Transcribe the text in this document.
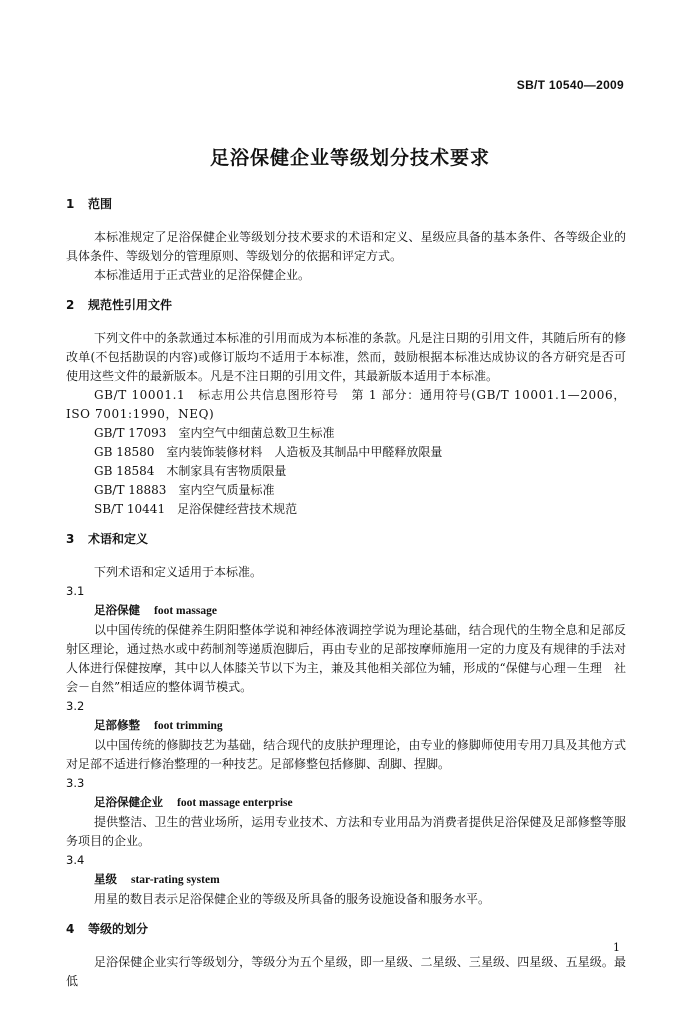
SB/T 10540—2009
足浴保健企业等级划分技术要求
1 范围

本标准规定了足浴保健企业等级划分技术要求的术语和定义、星级应具备的基本条件、各等级企业的具体条件、等级划分的管理原则、等级划分的依据和评定方式。

本标准适用于正式营业的足浴保健企业。

2 规范性引用文件

下列文件中的条款通过本标准的引用而成为本标准的条款。凡是注日期的引用文件，其随后所有的修改单(不包括勘误的内容)或修订版均不适用于本标准，然而，鼓励根据本标准达成协议的各方研究是否可使用这些文件的最新版本。凡是不注日期的引用文件，其最新版本适用于本标准。

GB/T 10001.1　标志用公共信息图形符号　第 1 部分：通用符号(GB/T 10001.1—2006，ISO 7001:1990，NEQ)

GB/T 17093　 室内空气中细菌总数卫生标准

GB 18580　 室内装饰装修材料　人造板及其制品中甲醛释放限量

GB 18584　 木制家具有害物质限量

GB/T 18883　 室内空气质量标准

SB/T 10441　 足浴保健经营技术规范

3 术语和定义

下列术语和定义适用于本标准。

3.1

足浴保健 foot massage

以中国传统的保健养生阴阳整体学说和神经体液调控学说为理论基础，结合现代的生物全息和足部反射区理论，通过热水或中药制剂等递质泡脚后，再由专业的足部按摩师施用一定的力度及有规律的手法对人体进行保健按摩，其中以人体膝关节以下为主，兼及其他相关部位为辅，形成的“保健与心理－生理　社会－自然”相适应的整体调节模式。

3.2

足部修整 foot trimming

以中国传统的修脚技艺为基础，结合现代的皮肤护理理论，由专业的修脚师使用专用刀具及其他方式对足部不适进行修治整理的一种技艺。足部修整包括修脚、刮脚、捏脚。

3.3

足浴保健企业 foot massage enterprise

提供整洁、卫生的营业场所，运用专业技术、方法和专业用品为消费者提供足浴保健及足部修整等服务项目的企业。

3.4

星级 star-rating system

用星的数目表示足浴保健企业的等级及所具备的服务设施设备和服务水平。

4 等级的划分

足浴保健企业实行等级划分，等级分为五个星级，即一星级、二星级、三星级、四星级、五星级。最低

1
